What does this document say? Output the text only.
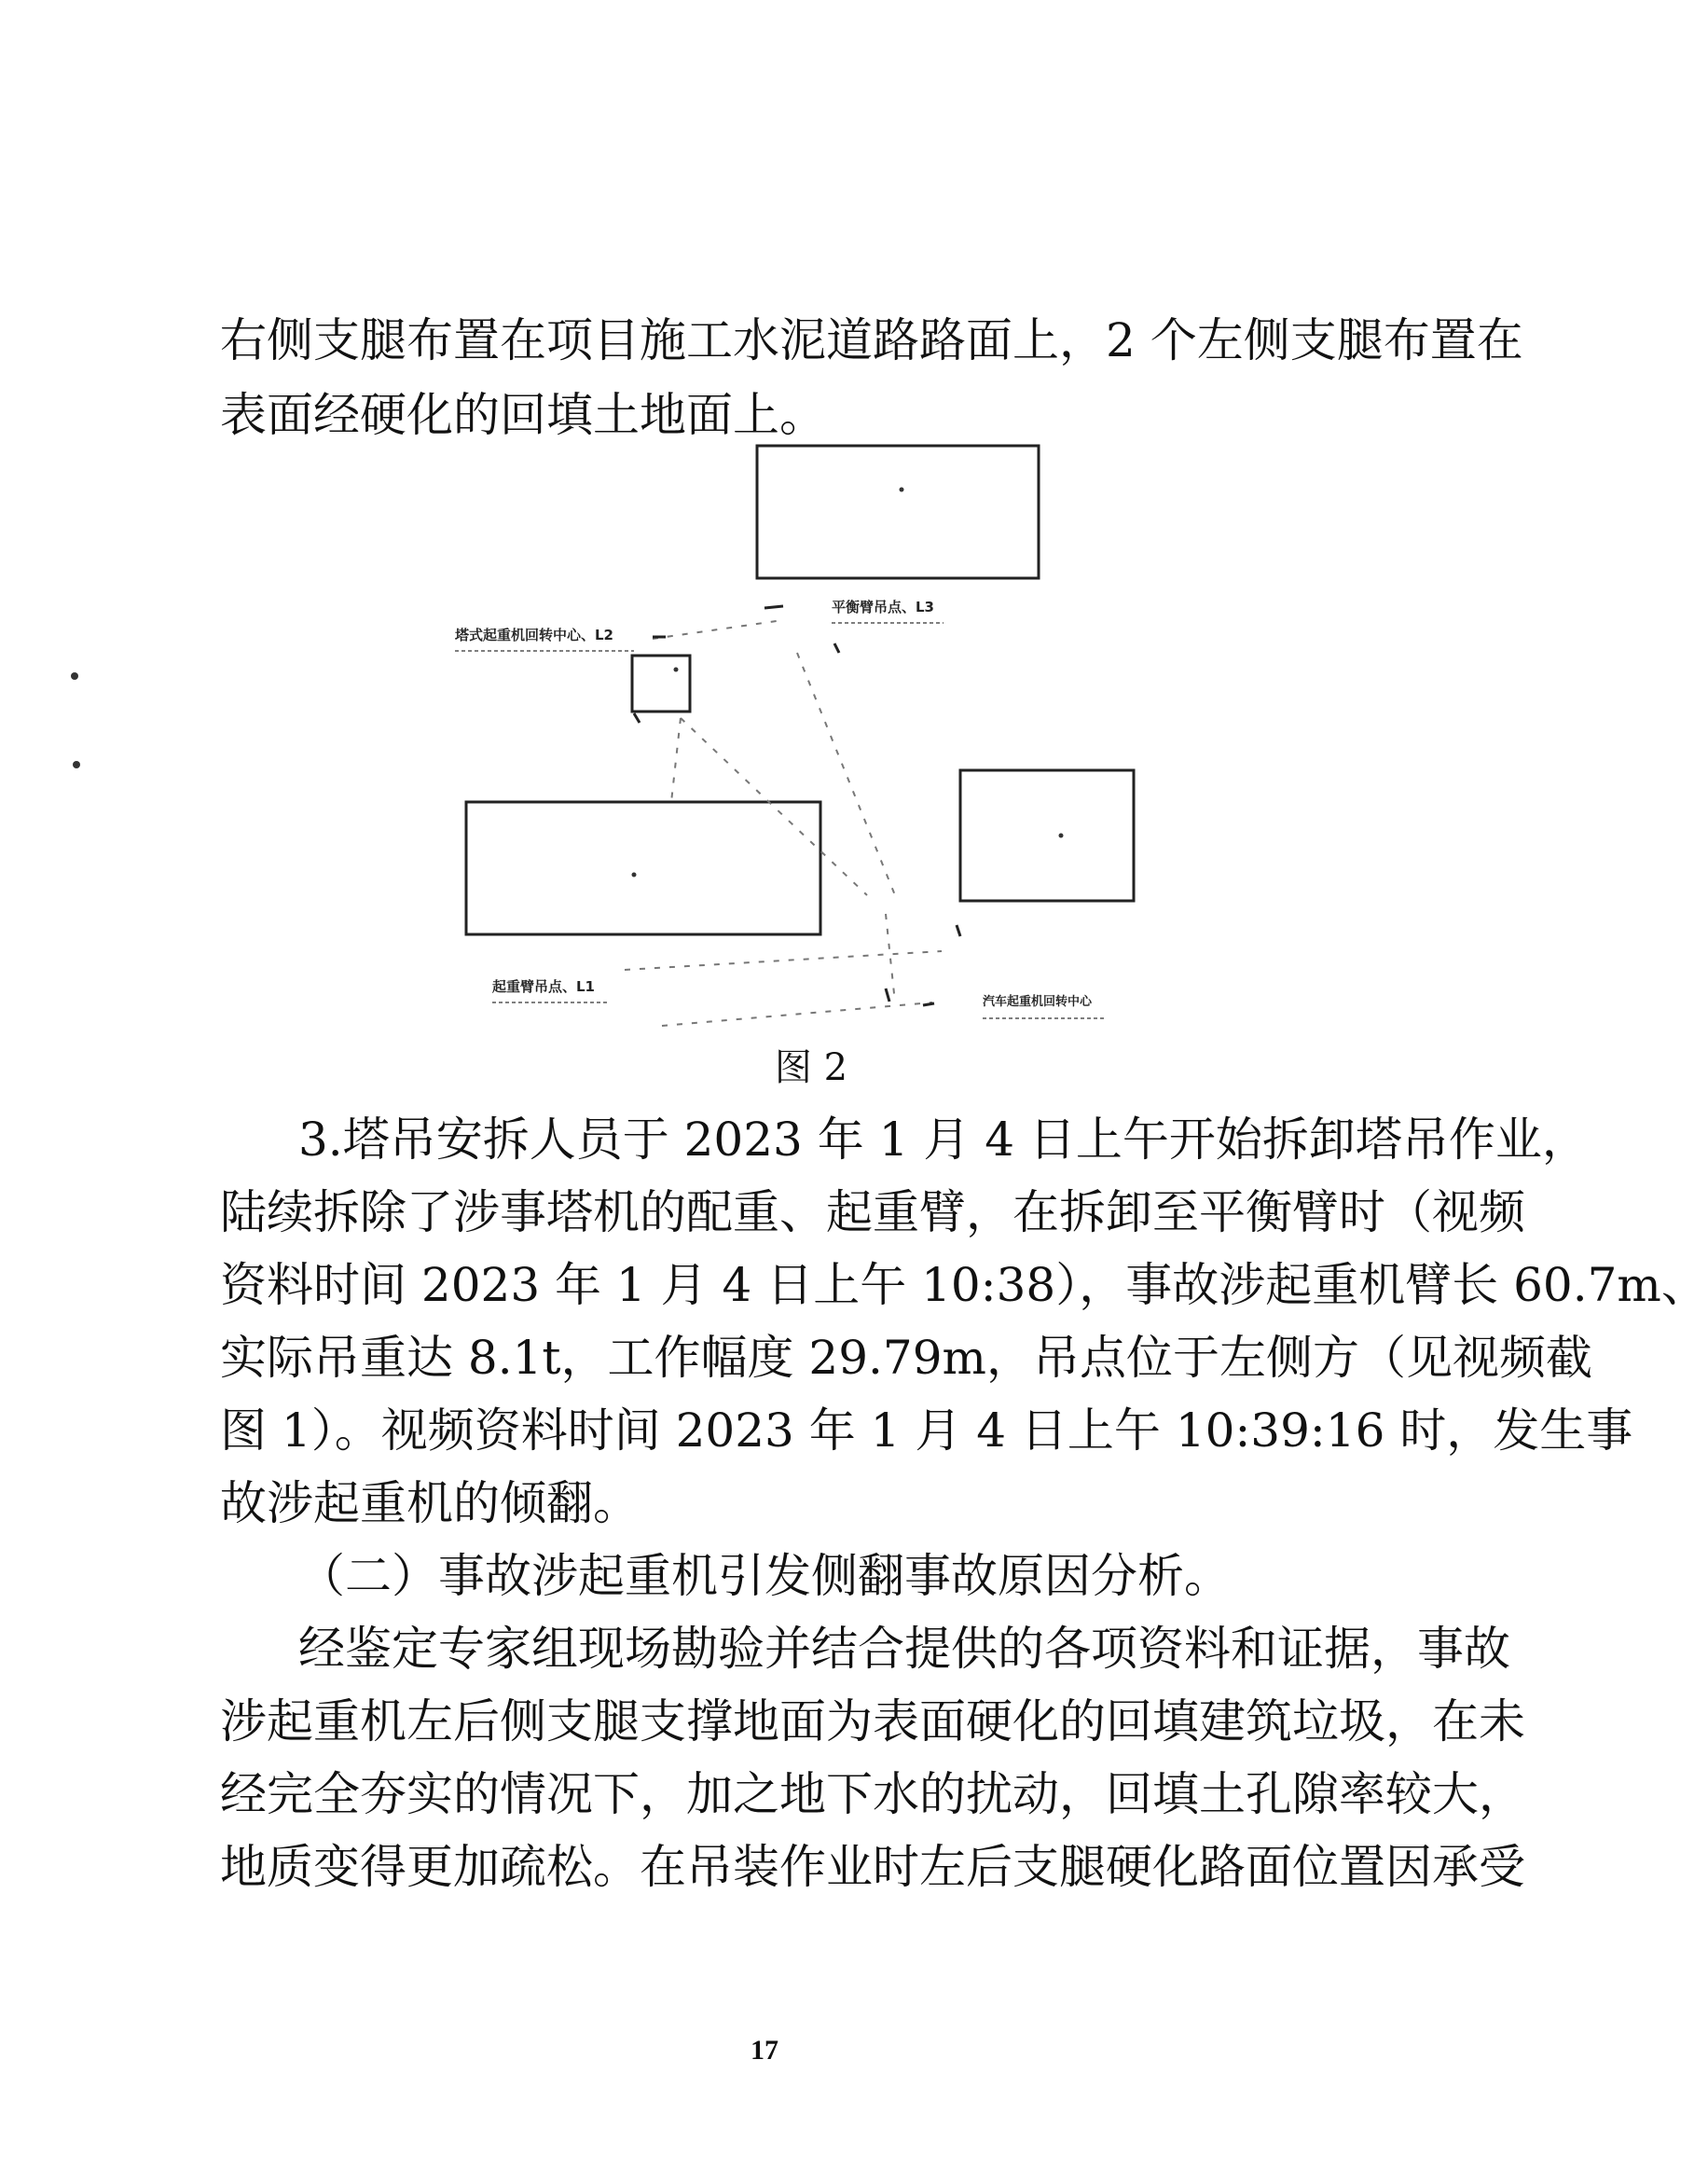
右侧支腿布置在项目施工水泥道路路面上，2 个左侧支腿布置在
表面经硬化的回填土地面上。
平衡臂吊点、L3
塔式起重机回转中心、L2
起重臂吊点、L1
汽车起重机回转中心
图 2
3.塔吊安拆人员于 2023 年 1 月 4 日上午开始拆卸塔吊作业，
陆续拆除了涉事塔机的配重、起重臂，在拆卸至平衡臂时（视频
资料时间 2023 年 1 月 4 日上午 10:38），事故涉起重机臂长 60.7m、
实际吊重达 8.1t，工作幅度 29.79m，吊点位于左侧方（见视频截
图 1）。视频资料时间 2023 年 1 月 4 日上午 10:39:16 时，发生事
故涉起重机的倾翻。
（二）事故涉起重机引发侧翻事故原因分析。
经鉴定专家组现场勘验并结合提供的各项资料和证据，事故
涉起重机左后侧支腿支撑地面为表面硬化的回填建筑垃圾，在未
经完全夯实的情况下，加之地下水的扰动，回填土孔隙率较大，
地质变得更加疏松。在吊装作业时左后支腿硬化路面位置因承受
17
